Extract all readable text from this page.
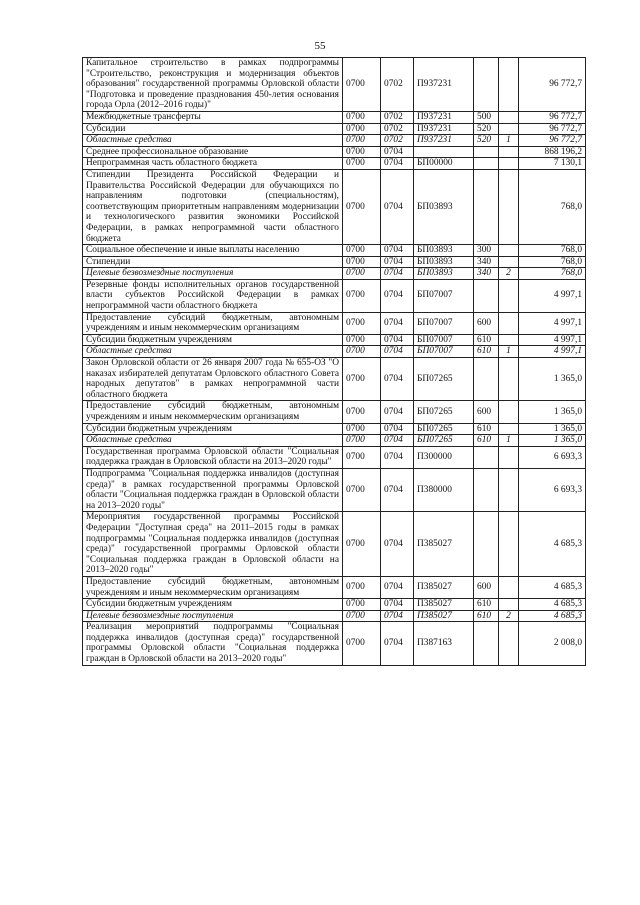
55
Капитальное строительство в рамках подпрограммы "Строительство, реконструкция и модернизация объектов образования" государственной программы Орловской области "Подготовка и проведение празднования 450-летия основания города Орла (2012–2016 годы)"	0700	0702	П937231			96 772,7
Межбюджетные трансферты	0700	0702	П937231	500		96 772,7
Субсидии	0700	0702	П937231	520		96 772,7
Областные средства	0700	0702	П937231	520	1	96 772,7
Среднее профессиональное образование	0700	0704				868 196,2
Непрограммная часть областного бюджета	0700	0704	БП00000			7 130,1
Стипендии Президента Российской Федерации и Правительства Российской Федерации для обучающихся по направлениям подготовки (специальностям), соответствующим приоритетным направлениям модернизации и технологического развития экономики Российской Федерации, в рамках непрограммной части областного бюджета	0700	0704	БП03893			768,0
Социальное обеспечение и иные выплаты населению	0700	0704	БП03893	300		768,0
Стипендии	0700	0704	БП03893	340		768,0
Целевые безвозмездные поступления	0700	0704	БП03893	340	2	768,0
Резервные фонды исполнительных органов государственной власти субъектов Российской Федерации в рамках непрограммной части областного бюджета	0700	0704	БП07007			4 997,1
Предоставление субсидий бюджетным, автономным учреждениям и иным некоммерческим организациям	0700	0704	БП07007	600		4 997,1
Субсидии бюджетным учреждениям	0700	0704	БП07007	610		4 997,1
Областные средства	0700	0704	БП07007	610	1	4 997,1
Закон Орловской области от 26 января 2007 года № 655-ОЗ "О наказах избирателей депутатам Орловского областного Совета народных депутатов" в рамках непрограммной части областного бюджета	0700	0704	БП07265			1 365,0
Предоставление субсидий бюджетным, автономным учреждениям и иным некоммерческим организациям	0700	0704	БП07265	600		1 365,0
Субсидии бюджетным учреждениям	0700	0704	БП07265	610		1 365,0
Областные средства	0700	0704	БП07265	610	1	1 365,0
Государственная программа Орловской области "Социальная поддержка граждан в Орловской области на 2013–2020 годы"	0700	0704	П300000			6 693,3
Подпрограмма "Социальная поддержка инвалидов (доступная среда)" в рамках государственной программы Орловской области "Социальная поддержка граждан в Орловской области на 2013–2020 годы"	0700	0704	П380000			6 693,3
Мероприятия государственной программы Российской Федерации "Доступная среда" на 2011–2015 годы в рамках подпрограммы "Социальная поддержка инвалидов (доступная среда)" государственной программы Орловской области "Социальная поддержка граждан в Орловской области на 2013–2020 годы"	0700	0704	П385027			4 685,3
Предоставление субсидий бюджетным, автономным учреждениям и иным некоммерческим организациям	0700	0704	П385027	600		4 685,3
Субсидии бюджетным учреждениям	0700	0704	П385027	610		4 685,3
Целевые безвозмездные поступления	0700	0704	П385027	610	2	4 685,3
Реализация мероприятий подпрограммы "Социальная поддержка инвалидов (доступная среда)" государственной программы Орловской области "Социальная поддержка граждан в Орловской области на 2013–2020 годы"	0700	0704	П387163			2 008,0
